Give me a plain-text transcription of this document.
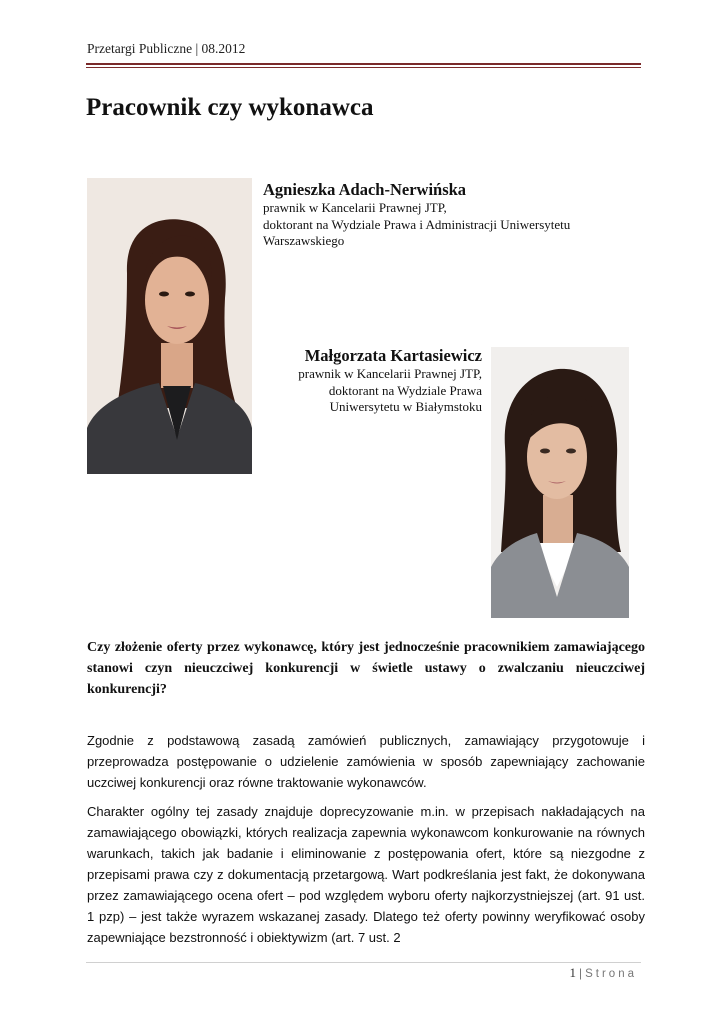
Przetargi Publiczne | 08.2012
Pracownik czy wykonawca
Agnieszka Adach-Nerwińska
prawnik w Kancelarii Prawnej JTP,
doktorant na Wydziale Prawa i Administracji Uniwersytetu
Warszawskiego
Małgorzata Kartasiewicz
prawnik w Kancelarii Prawnej JTP,
doktorant na Wydziale Prawa
Uniwersytetu w Białymstoku

Czy złożenie oferty przez wykonawcę, który jest jednocześnie pracownikiem zamawiającego stanowi czyn nieuczciwej konkurencji w świetle ustawy o zwalczaniu nieuczciwej konkurencji?

Zgodnie z podstawową zasadą zamówień publicznych, zamawiający przygotowuje i przeprowadza postępowanie o udzielenie zamówienia w sposób zapewniający zachowanie uczciwej konkurencji oraz równe traktowanie wykonawców.

Charakter ogólny tej zasady znajduje doprecyzowanie m.in. w przepisach nakładających na zamawiającego obowiązki, których realizacja zapewnia wykonawcom konkurowanie na równych warunkach, takich jak badanie i eliminowanie z postępowania ofert, które są niezgodne z przepisami prawa czy z dokumentacją przetargową. Wart podkreślania jest fakt, że dokonywana przez zamawiającego ocena ofert – pod względem wyboru oferty najkorzystniejszej (art. 91 ust. 1 pzp) – jest także wyrazem wskazanej zasady. Dlatego też oferty powinny weryfikować osoby zapewniające bezstronność i obiektywizm (art. 7 ust. 2

1 | Strona
